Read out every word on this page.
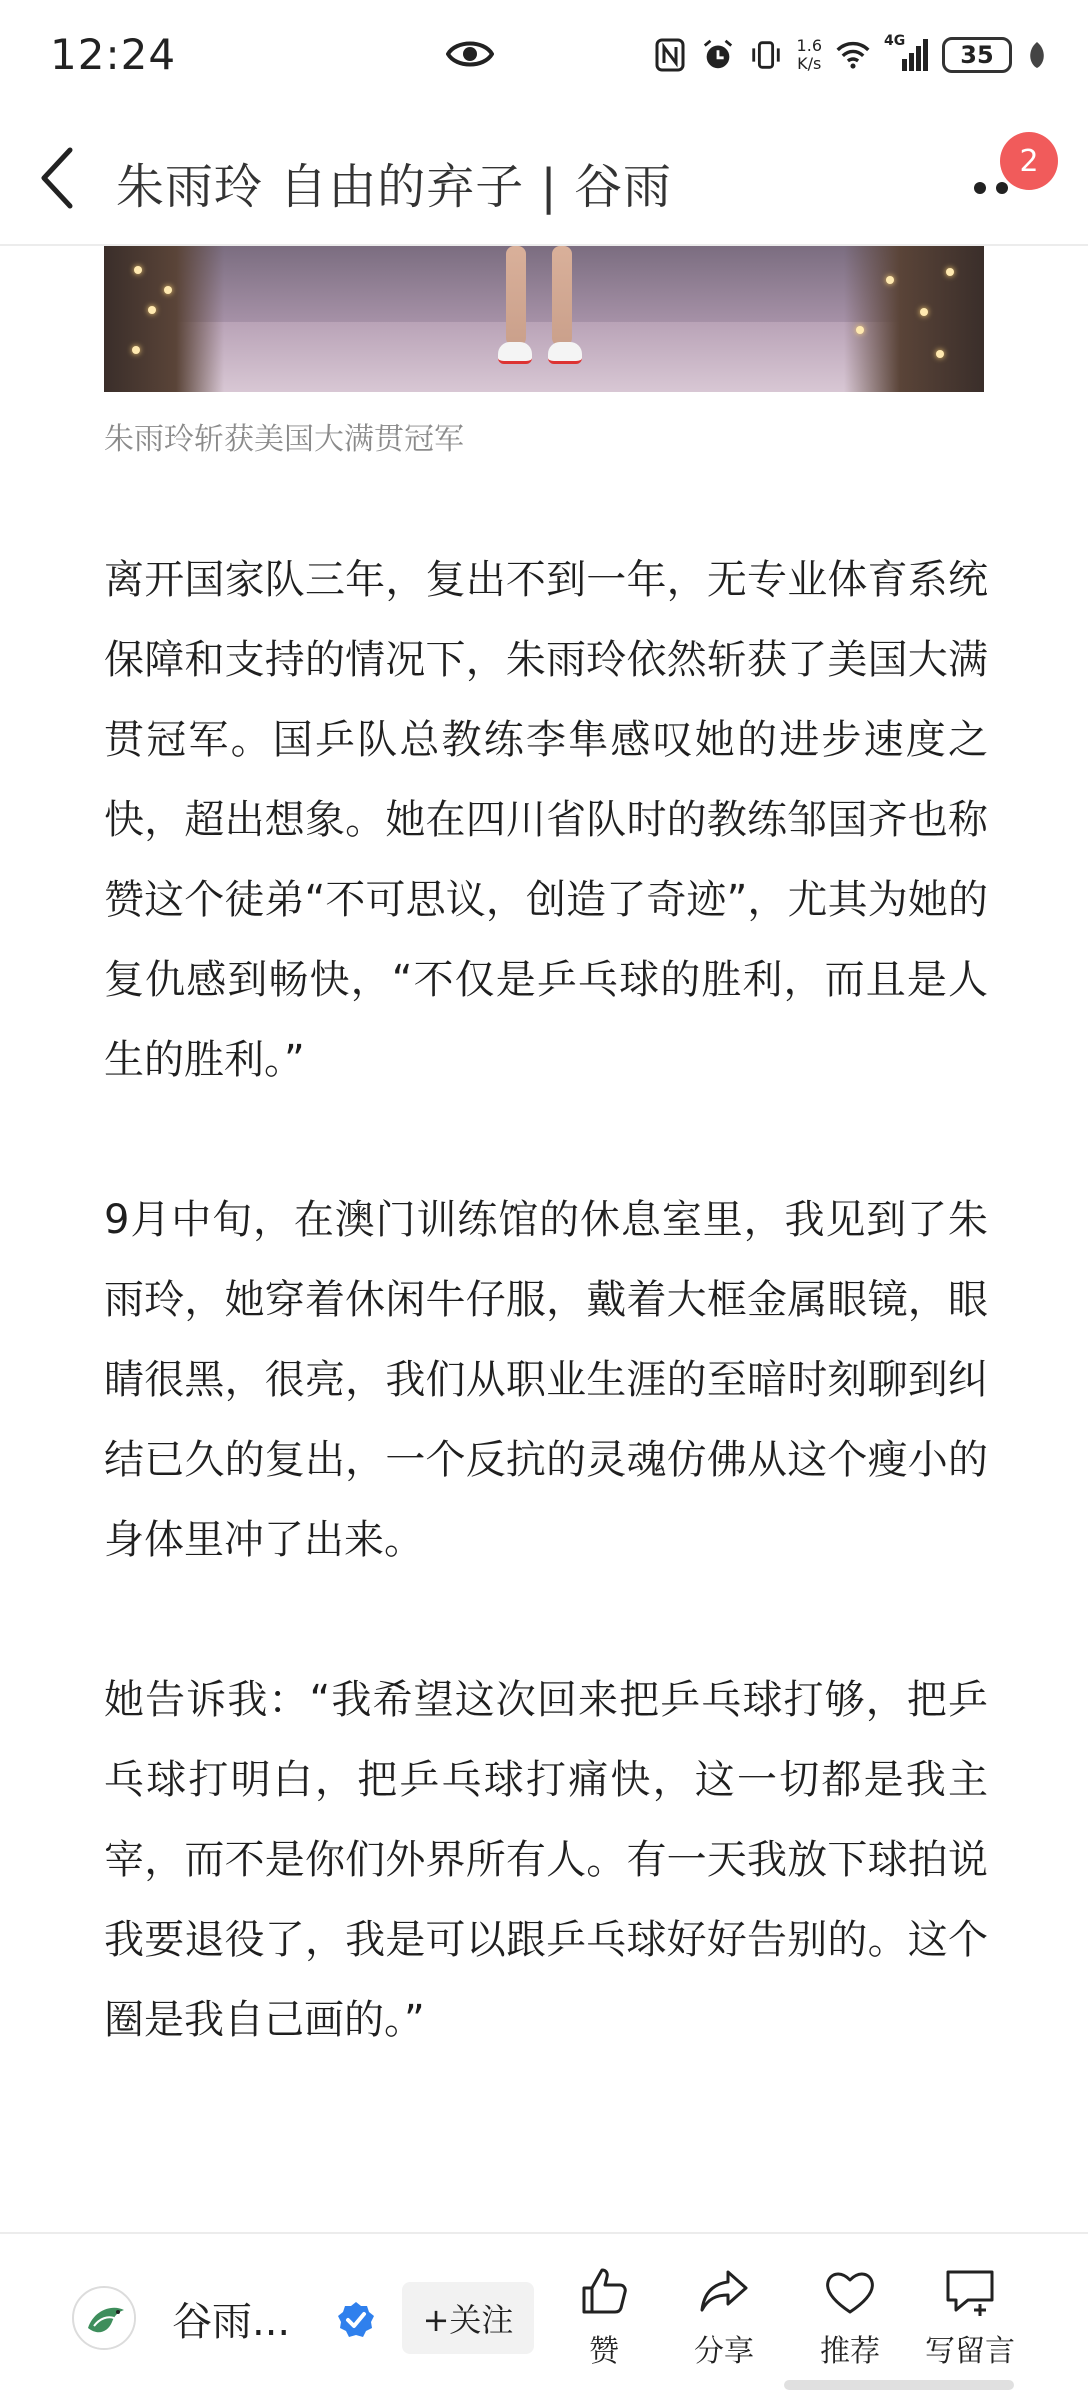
12:24	1.6
K/s
4G 35
朱雨玲 自由的弃子 | 谷雨	2
朱雨玲斩获美国大满贯冠军

离开国家队三年，复出不到一年，无专业体育系统保障和支持的情况下，朱雨玲依然斩获了美国大满贯冠军。国乒队总教练李隼感叹她的进步速度之快，超出想象。她在四川省队时的教练邹国齐也称赞这个徒弟“不可思议，创造了奇迹”，尤其为她的复仇感到畅快，“不仅是乒乓球的胜利，而且是人生的胜利。”

9月中旬，在澳门训练馆的休息室里，我见到了朱雨玲，她穿着休闲牛仔服，戴着大框金属眼镜，眼睛很黑，很亮，我们从职业生涯的至暗时刻聊到纠结已久的复出，一个反抗的灵魂仿佛从这个瘦小的身体里冲了出来。

她告诉我：“我希望这次回来把乒乓球打够，把乒乓球打明白，把乒乓球打痛快，这一切都是我主宰，而不是你们外界所有人。有一天我放下球拍说我要退役了，我是可以跟乒乓球好好告别的。这个圈是我自己画的。”

谷雨...	+关注
赞	分享 推荐 写留言
